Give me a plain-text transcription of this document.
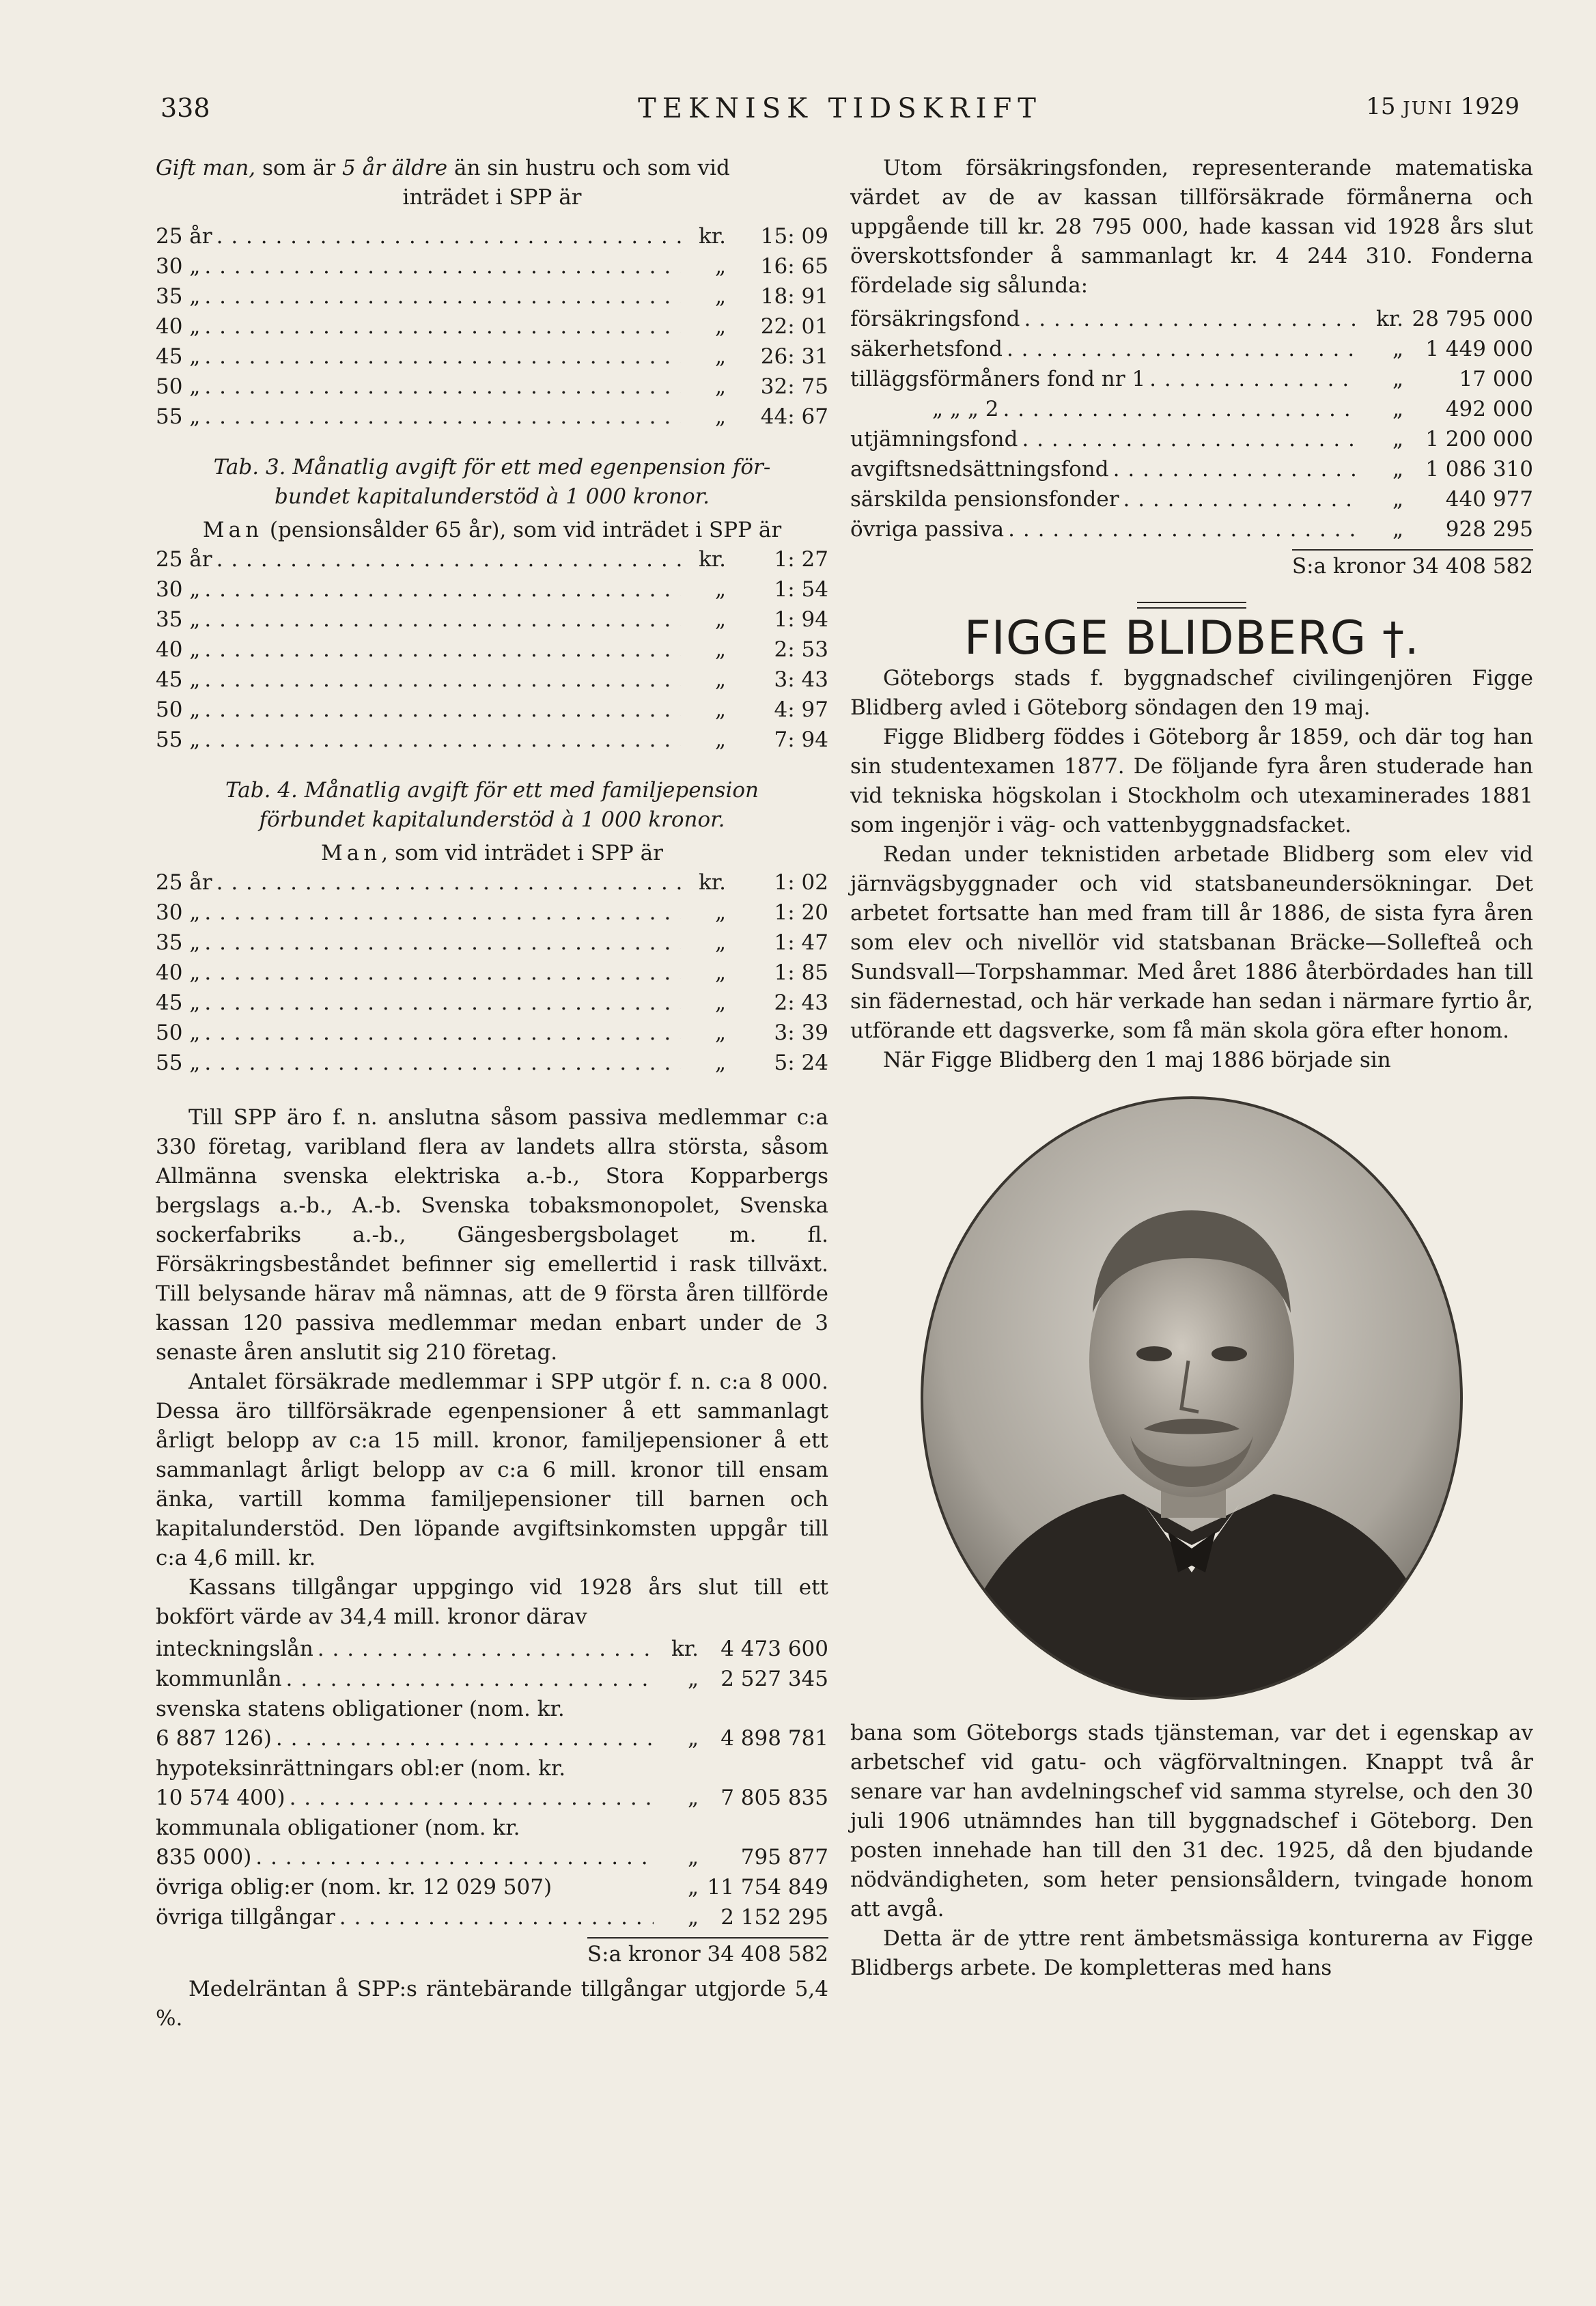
338	TEKNISK TIDSKRIFT	15 JUNI 1929

Gift man, som är 5 år äldre än sin hustru och som vid

inträdet i SPP är

25 år . . .	kr.	15: 09
30 „ . . .	„	16: 65
35 „ . . .	„	18: 91
40 „ . . .	„	22: 01
45 „ . . .	„	26: 31
50 „ . . .	„	32: 75
55 „ . . .	„	44: 67

Tab. 3. Månatlig avgift för ett med egenpension för-
bundet kapitalunderstöd à 1 000 kronor.

Man (pensionsålder 65 år), som vid inträdet i SPP är

25 år . . .	kr.	1: 27
30 „ . . .	„	1: 54
35 „ . . .	„	1: 94
40 „ . . .	„	2: 53
45 „ . . .	„	3: 43
50 „ . . .	„	4: 97
55 „ . . .	„	7: 94

Tab. 4. Månatlig avgift för ett med familjepension
förbundet kapitalunderstöd à 1 000 kronor.

Man, som vid inträdet i SPP är

25 år . . .	kr.	1: 02
30 „ . . .	„	1: 20
35 „ . . .	„	1: 47
40 „ . . .	„	1: 85
45 „ . . .	„	2: 43
50 „ . . .	„	3: 39
55 „ . . .	„	5: 24

Till SPP äro f. n. anslutna såsom passiva medlemmar c:a 330 företag, varibland flera av landets allra största, såsom Allmänna svenska elektriska a.-b., Stora Kopparbergs bergslags a.-b., A.-b. Svenska tobaksmonopolet, Svenska sockerfabriks a.-b., Gängesbergsbolaget m. fl. Försäkringsbeståndet befinner sig emellertid i rask tillväxt. Till belysande härav må nämnas, att de 9 första åren tillförde kassan 120 passiva medlemmar medan enbart under de 3 senaste åren anslutit sig 210 företag.

Antalet försäkrade medlemmar i SPP utgör f. n. c:a 8 000. Dessa äro tillförsäkrade egenpensioner å ett sammanlagt årligt belopp av c:a 15 mill. kronor, familjepensioner å ett sammanlagt årligt belopp av c:a 6 mill. kronor till ensam änka, vartill komma familjepensioner till barnen och kapitalunderstöd. Den löpande avgiftsinkomsten uppgår till c:a 4,6 mill. kr.

Kassans tillgångar uppgingo vid 1928 års slut till ett bokfört värde av 34,4 mill. kronor därav

inteckningslån . . .	kr.	4 473 600
kommunlån . . .	„	2 527 345
svenska statens obligationer (nom. kr.
6 887 126) . . .	„	4 898 781
hypoteksinrättningars obl:er (nom. kr.
10 574 400) . . .	„	7 805 835
kommunala obligationer (nom. kr.
835 000) . . .	„	795 877
övriga oblig:er (nom. kr. 12 029 507)	„ 11 754 849
övriga tillgångar . . .	„	2 152 295
S:a kronor 34 408 582

Medelräntan å SPP:s räntebärande tillgångar utgjorde 5,4 %.

Utom försäkringsfonden, representerande matematiska värdet av de av kassan tillförsäkrade förmånerna och uppgående till kr. 28 795 000, hade kassan vid 1928 års slut överskottsfonder å sammanlagt kr. 4 244 310. Fonderna fördelade sig sålunda:

försäkringsfond . . .	kr. 28 795 000
säkerhetsfond . . .	„	1 449 000
tilläggsförmåners fond nr 1 . . .	„	17 000
„ „ „ 2 . . .	„	492 000
utjämningsfond . . .	„	1 200 000
avgiftsnedsättningsfond . . .	„	1 086 310
särskilda pensionsfonder . . .	„	440 977
övriga passiva . . .	„	928 295
S:a kronor 34 408 582
FIGGE BLIDBERG †.

Göteborgs stads f. byggnadschef civilingenjören Figge Blidberg avled i Göteborg söndagen den 19 maj.

Figge Blidberg föddes i Göteborg år 1859, och där tog han sin studentexamen 1877. De följande fyra åren studerade han vid tekniska högskolan i Stockholm och utexaminerades 1881 som ingenjör i väg- och vattenbyggnadsfacket.

Redan under teknistiden arbetade Blidberg som elev vid järnvägsbyggnader och vid statsbaneundersökningar. Det arbetet fortsatte han med fram till år 1886, de sista fyra åren som elev och nivellör vid statsbanan Bräcke—Sollefteå och Sundsvall—Torpshammar. Med året 1886 återbördades han till sin fädernestad, och här verkade han sedan i närmare fyrtio år, utförande ett dagsverke, som få män skola göra efter honom.

När Figge Blidberg den 1 maj 1886 började sin

bana som Göteborgs stads tjänsteman, var det i egenskap av arbetschef vid gatu- och vägförvaltningen. Knappt två år senare var han avdelningschef vid samma styrelse, och den 30 juli 1906 utnämndes han till byggnadschef i Göteborg. Den posten innehade han till den 31 dec. 1925, då den bjudande nödvändigheten, som heter pensionsåldern, tvingade honom att avgå.

Detta är de yttre rent ämbetsmässiga konturerna av Figge Blidbergs arbete. De kompletteras med hans
